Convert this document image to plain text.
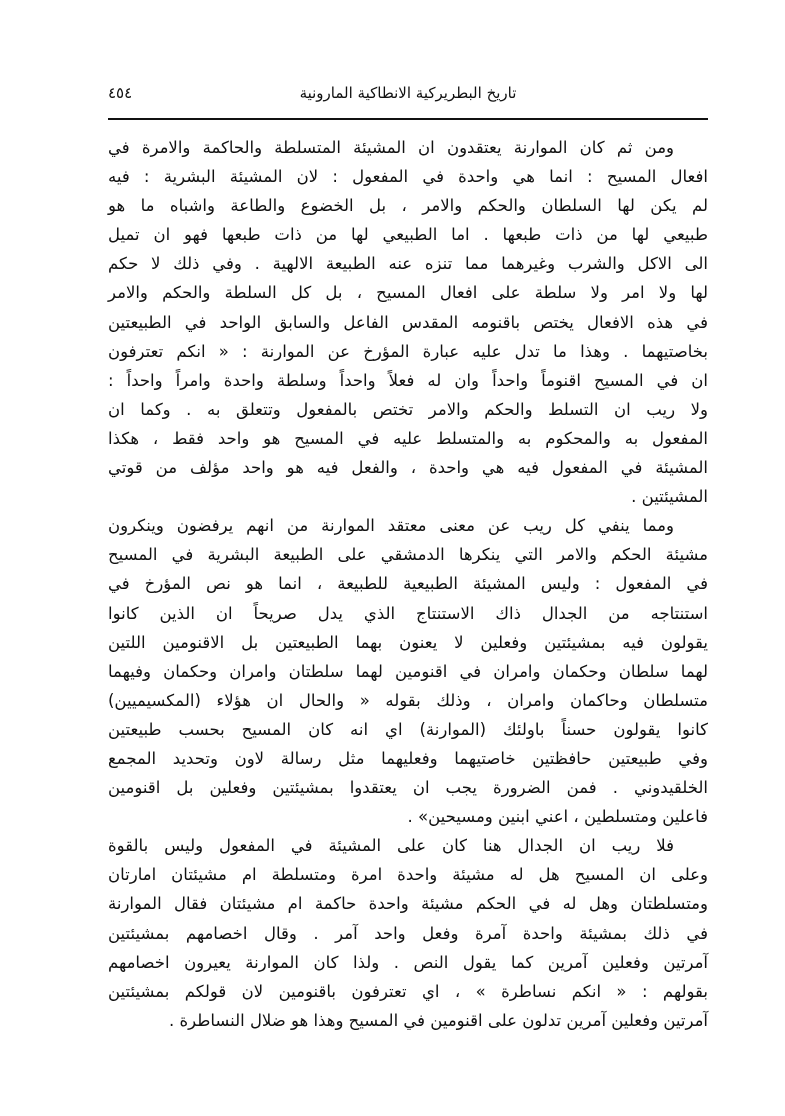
تاريخ البطريركية الانطاكية المارونية
٤٥٤
ومن ثم كان الموارنة يعتقدون ان المشيئة المتسلطة والحاكمة والامرة في
افعال المسيح : انما هي واحدة في المفعول : لان المشيئة البشرية : فيه
لم يكن لها السلطان والحكم والامر ، بل الخضوع والطاعة واشباه ما هو
طبيعي لها من ذات طبعها . اما الطبيعي لها من ذات طبعها فهو ان تميل
الى الاكل والشرب وغيرهما مما تنزه عنه الطبيعة الالهية . وفي ذلك لا حكم
لها ولا امر ولا سلطة على افعال المسيح ، بل كل السلطة والحكم والامر
في هذه الافعال يختص باقنومه المقدس الفاعل والسابق الواحد في الطبيعتين
بخاصتيهما . وهذا ما تدل عليه عبارة المؤرخ عن الموارنة : « انكم تعترفون
ان في المسيح اقنوماً واحداً وان له فعلاً واحداً وسلطة واحدة وامراً واحداً :
ولا ريب ان التسلط والحكم والامر تختص بالمفعول وتتعلق به . وكما ان
المفعول به والمحكوم به والمتسلط عليه في المسيح هو واحد فقط ، هكذا
المشيئة في المفعول فيه هي واحدة ، والفعل فيه هو واحد مؤلف من قوتي
المشيئتين .
ومما ينفي كل ريب عن معنى معتقد الموارنة من انهم يرفضون وينكرون
مشيئة الحكم والامر التي ينكرها الدمشقي على الطبيعة البشرية في المسيح
في المفعول : وليس المشيئة الطبيعية للطبيعة ، انما هو نص المؤرخ في
استنتاجه من الجدال ذاك الاستنتاج الذي يدل صريحاً ان الذين كانوا
يقولون فيه بمشيئتين وفعلين لا يعنون بهما الطبيعتين بل الاقنومين اللتين
لهما سلطان وحكمان وامران في اقنومين لهما سلطتان وامران وحكمان وفيهما
متسلطان وحاكمان وامران ، وذلك بقوله « والحال ان هؤلاء (المكسيميين)
كانوا يقولون حسناً باولئك (الموارنة) اي انه كان المسيح بحسب طبيعتين
وفي طبيعتين حافظتين خاصتيهما وفعليهما مثل رسالة لاون وتحديد المجمع
الخلقيدوني . فمن الضرورة يجب ان يعتقدوا بمشيئتين وفعلين بل اقنومين
فاعلين ومتسلطين ، اعني ابنين ومسيحين» .
فلا ريب ان الجدال هنا كان على المشيئة في المفعول وليس بالقوة
وعلى ان المسيح هل له مشيئة واحدة امرة ومتسلطة ام مشيئتان امارتان
ومتسلطتان وهل له في الحكم مشيئة واحدة حاكمة ام مشيئتان فقال الموارنة
في ذلك بمشيئة واحدة آمرة وفعل واحد آمر . وقال اخصامهم بمشيئتين
آمرتين وفعلين آمرين كما يقول النص . ولذا كان الموارنة يعيرون اخصامهم
بقولهم : « انكم نساطرة » ، اي تعترفون باقنومين لان قولكم بمشيئتين
آمرتين وفعلين آمرين تدلون على اقنومين في المسيح وهذا هو ضلال النساطرة .
